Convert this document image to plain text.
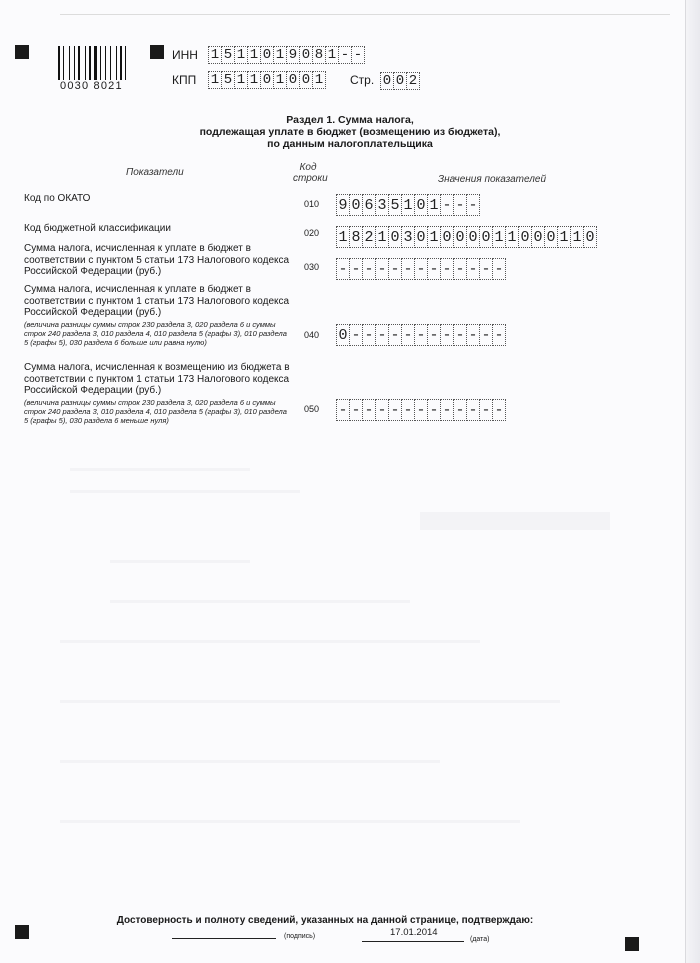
0030 8021
ИНН 1 5 1 1 0 1 9 0 8 1 - -
КПП 1 5 1 1 0 1 0 0 1 Стр. 0 0 2
Раздел 1. Сумма налога,
подлежащая уплате в бюджет (возмещению из бюджета),
по данным налогоплательщика
Показатели	Код
строки	Значения показателей
Код по ОКАТО	010 9 0 6 3 5 1 0 1 - - -
Код бюджетной классификации	020 1 8 2 1 0 3 0 1 0 0 0 0 1 1 0 0 0 1 1 0
Сумма налога, исчисленная к уплате в бюджет в соответствии с пунктом 5 статьи 173 Налогового кодекса Российской Федерации (руб.)	030 - - - - - - - - - - - - -
Сумма налога, исчисленная к уплате в бюджет в соответствии с пунктом 1 статьи 173 Налогового кодекса Российской Федерации (руб.)
(величина разницы суммы строк 230 раздела 3, 020 раздела 6 и суммы строк 240 раздела 3, 010 раздела 4, 010 раздела 5 (графы 3), 010 раздела 5 (графы 5), 030 раздела 6 больше или равна нулю)
040 0 - - - - - - - - - - - -
Сумма налога, исчисленная к возмещению из бюджета в соответствии с пунктом 1 статьи 173 Налогового кодекса Российской Федерации (руб.)
(величина разницы суммы строк 230 раздела 3, 020 раздела 6 и суммы строк 240 раздела 3, 010 раздела 4, 010 раздела 5 (графы 3), 010 раздела 5 (графы 5), 030 раздела 6 меньше нуля)
050 - - - - - - - - - - - - -
Достоверность и полноту сведений, указанных на данной странице, подтверждаю:
(подпись)	17.01.2014
(дата)
